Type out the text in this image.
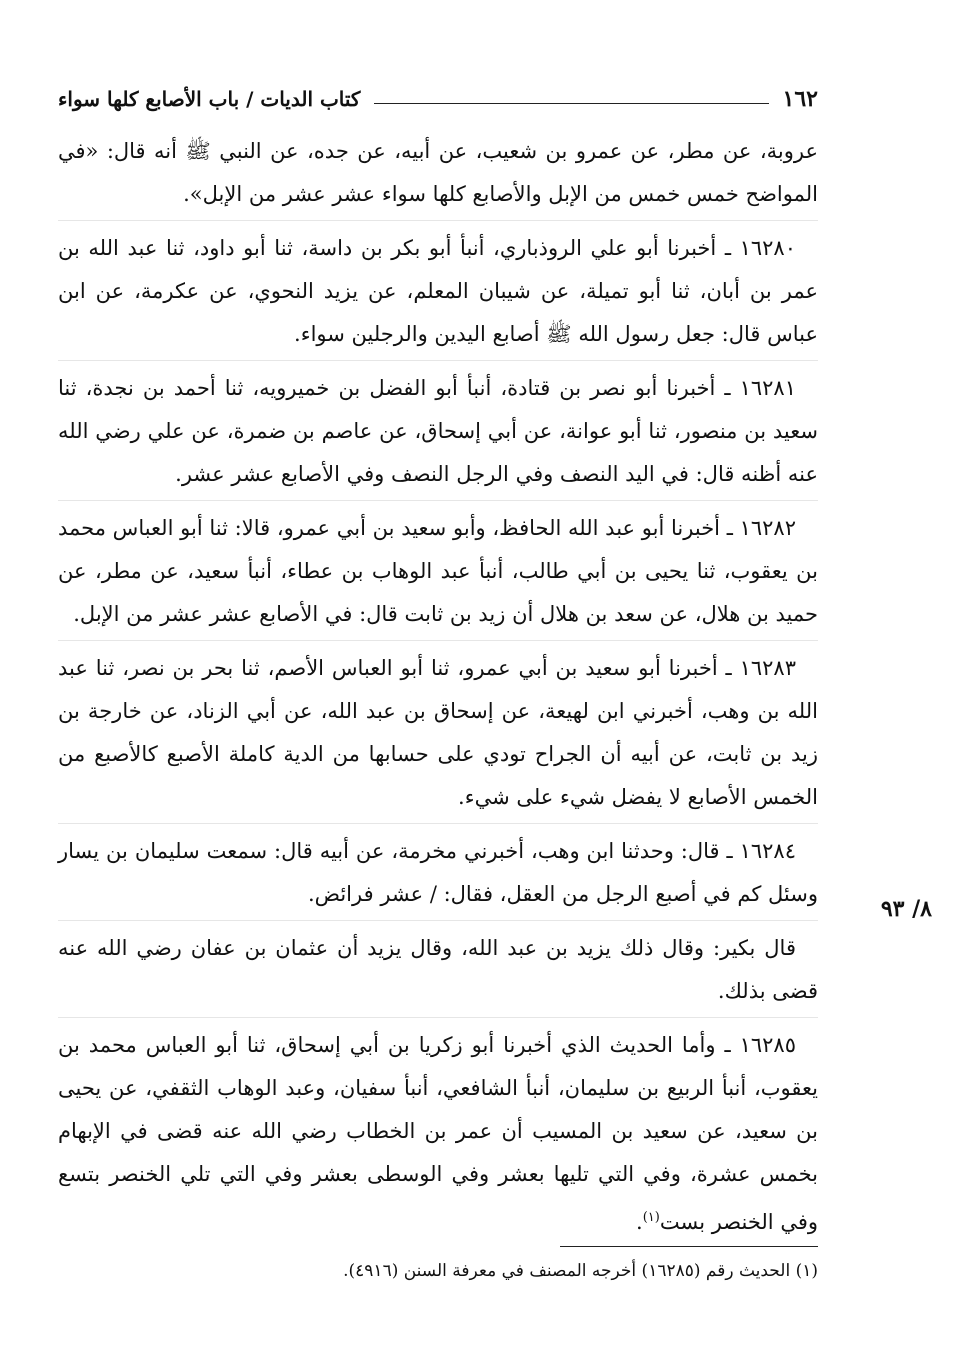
١٦٢
كتاب الديات / باب الأصابع كلها سواء

عروبة، عن مطر، عن عمرو بن شعيب، عن أبيه، عن جده، عن النبي ﷺ أنه قال: «في المواضح خمس خمس من الإبل والأصابع كلها سواء عشر عشر من الإبل».

١٦٢٨٠ ـ أخبرنا أبو علي الروذباري، أنبأ أبو بكر بن داسة، ثنا أبو داود، ثنا عبد الله بن عمر بن أبان، ثنا أبو تميلة، عن شيبان المعلم، عن يزيد النحوي، عن عكرمة، عن ابن عباس قال: جعل رسول الله ﷺ أصابع اليدين والرجلين سواء.

١٦٢٨١ ـ أخبرنا أبو نصر بن قتادة، أنبأ أبو الفضل بن خميرويه، ثنا أحمد بن نجدة، ثنا سعيد بن منصور، ثنا أبو عوانة، عن أبي إسحاق، عن عاصم بن ضمرة، عن علي رضي الله عنه أظنه قال: في اليد النصف وفي الرجل النصف وفي الأصابع عشر عشر.

١٦٢٨٢ ـ أخبرنا أبو عبد الله الحافظ، وأبو سعيد بن أبي عمرو، قالا: ثنا أبو العباس محمد بن يعقوب، ثنا يحيى بن أبي طالب، أنبأ عبد الوهاب بن عطاء، أنبأ سعيد، عن مطر، عن حميد بن هلال، عن سعد بن هلال أن زيد بن ثابت قال: في الأصابع عشر عشر من الإبل.

١٦٢٨٣ ـ أخبرنا أبو سعيد بن أبي عمرو، ثنا أبو العباس الأصم، ثنا بحر بن نصر، ثنا عبد الله بن وهب، أخبرني ابن لهيعة، عن إسحاق بن عبد الله، عن أبي الزناد، عن خارجة بن زيد بن ثابت، عن أبيه أن الجراح تودي على حسابها من الدية كاملة الأصبع كالأصبع من الخمس الأصابع لا يفضل شيء على شيء.

١٦٢٨٤ ـ قال: وحدثنا ابن وهب، أخبرني مخرمة، عن أبيه قال: سمعت سليمان بن يسار وسئل كم في أصبع الرجل من العقل، فقال: / عشر فرائض.

قال بكير: وقال ذلك يزيد بن عبد الله، وقال يزيد أن عثمان بن عفان رضي الله عنه قضى بذلك.

١٦٢٨٥ ـ وأما الحديث الذي أخبرنا أبو زكريا بن أبي إسحاق، ثنا أبو العباس محمد بن يعقوب، أنبأ الربيع بن سليمان، أنبأ الشافعي، أنبأ سفيان، وعبد الوهاب الثقفي، عن يحيى بن سعيد، عن سعيد بن المسيب أن عمر بن الخطاب رضي الله عنه قضى في الإبهام بخمس عشرة، وفي التي تليها بعشر وفي الوسطى بعشر وفي التي تلي الخنصر بتسع وفي الخنصر بست$^{(١)}$.

٨/ ٩٣
(١) الحديث رقم (١٦٢٨٥) أخرجه المصنف في معرفة السنن (٤٩١٦).
